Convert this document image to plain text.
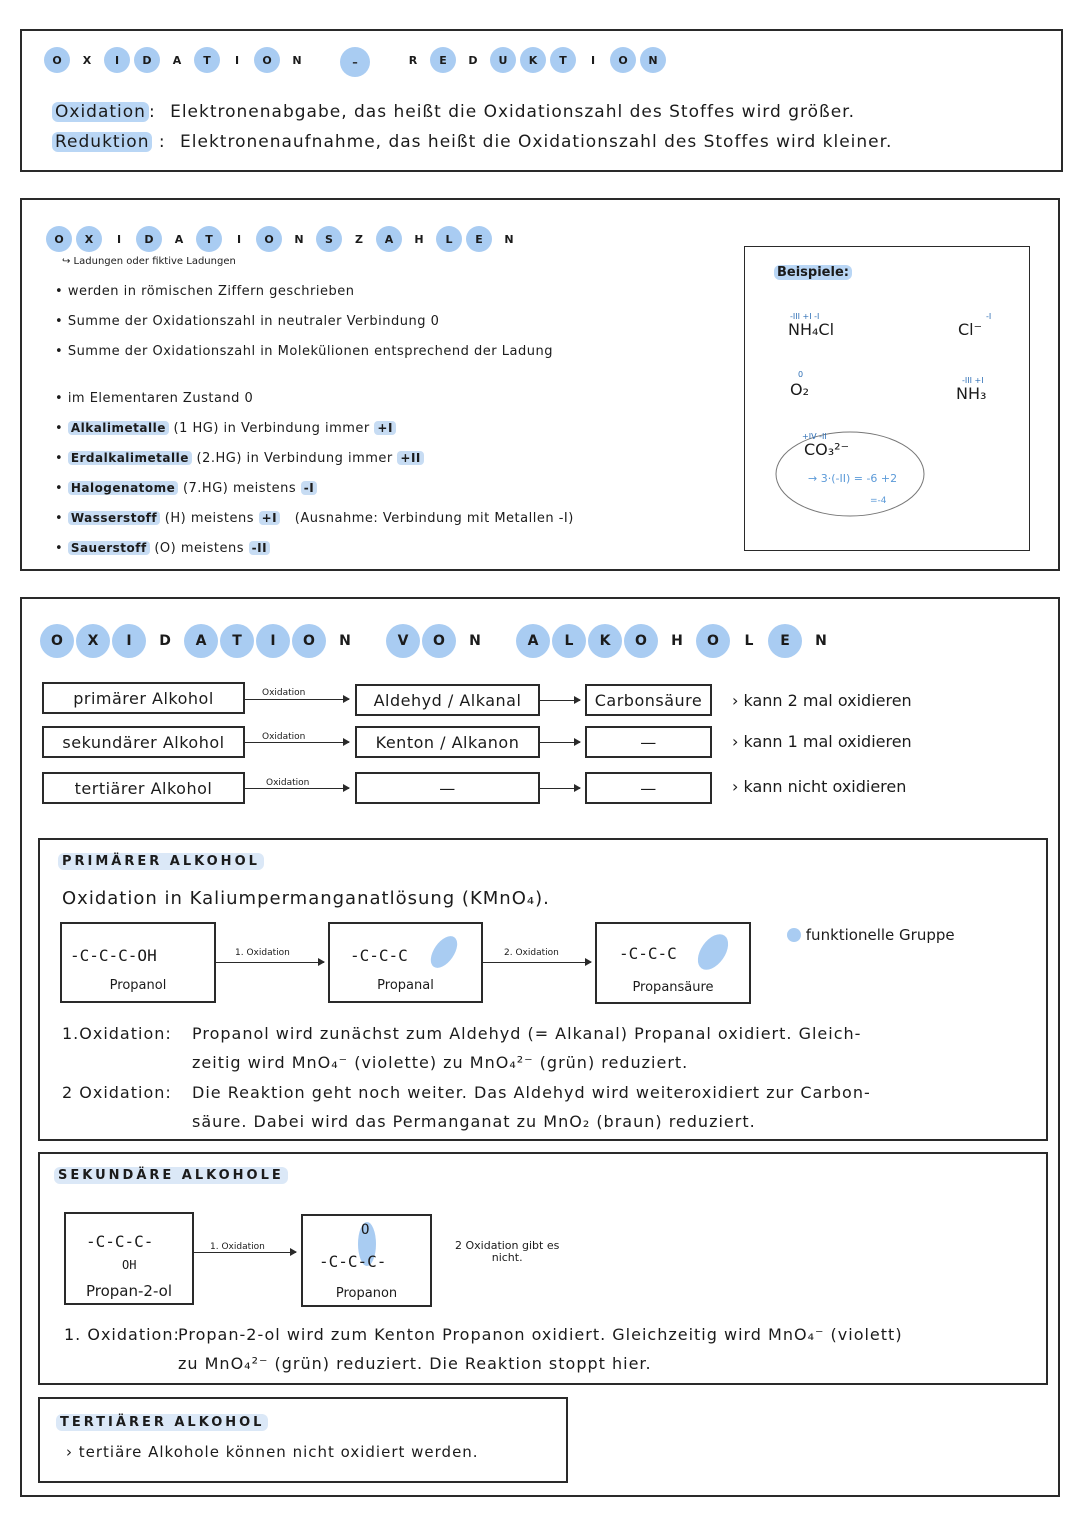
O	X	I	D	A	T	I	O	N	–	R	E	D	U	K	T	I	O	N
Oxidation : Elektronenabgabe, das heißt die Oxidationszahl des Stoffes wird größer.
Reduktion : Elektronenaufnahme, das heißt die Oxidationszahl des Stoffes wird kleiner.
O	X	I	D	A	T	I	O	N	S	Z	A	H	L	E	N
↪ Ladungen oder fiktive Ladungen
• werden in römischen Ziffern geschrieben
• Summe der Oxidationszahl in neutraler Verbindung 0
• Summe der Oxidationszahl in Molekülionen entsprechend der Ladung
• im Elementaren Zustand 0
• Alkalimetalle (1 HG) in Verbindung immer +I
• Erdalkalimetalle (2.HG) in Verbindung immer +II
• Halogenatome (7.HG) meistens -I
• Wasserstoff (H) meistens +I (Ausnahme: Verbindung mit Metallen -I)
• Sauerstoff (O) meistens -II
Beispiele:
-III +I -I
NH₄Cl
-I
Cl⁻
0
O₂	-III +I
NH₃
+IV -II
CO₃²⁻
→ 3·(-II) = -6 +2
=-4
O	X	I	D	A	T	I	O	N	V	O	N	A	L	K	O	H	O	L	E	N
primärer Alkohol	Oxidation	Aldehyd / Alkanal	Carbonsäure	› kann 2 mal oxidieren
sekundärer Alkohol	Oxidation	Kenton / Alkanon	—	› kann 1 mal oxidieren
tertiärer Alkohol	Oxidation	—	—	› kann nicht oxidieren
PRIMÄRER ALKOHOL
Oxidation in Kaliumpermanganatlösung (KMnO₄).
-C-C-C-OH
Propanol
1. Oxidation	-C-C-C
Propanal
2. Oxidation	-C-C-C
Propansäure
funktionelle Gruppe
1.Oxidation: Propanol wird zunächst zum Aldehyd (= Alkanal) Propanal oxidiert. Gleich-
zeitig wird MnO₄⁻ (violette) zu MnO₄²⁻ (grün) reduziert.
2 Oxidation: Die Reaktion geht noch weiter. Das Aldehyd wird weiteroxidiert zur Carbon-
säure. Dabei wird das Permanganat zu MnO₂ (braun) reduziert.
SEKUNDÄRE ALKOHOLE
-C-C-C-
OH
Propan-2-ol
1. Oxidation
O
-C-C-C-
Propanon
2 Oxidation gibt es
nicht.
1. Oxidation:Propan-2-ol wird zum Kenton Propanon oxidiert. Gleichzeitig wird MnO₄⁻ (violett)
zu MnO₄²⁻ (grün) reduziert. Die Reaktion stoppt hier.
TERTIÄRER ALKOHOL
› tertiäre Alkohole können nicht oxidiert werden.
